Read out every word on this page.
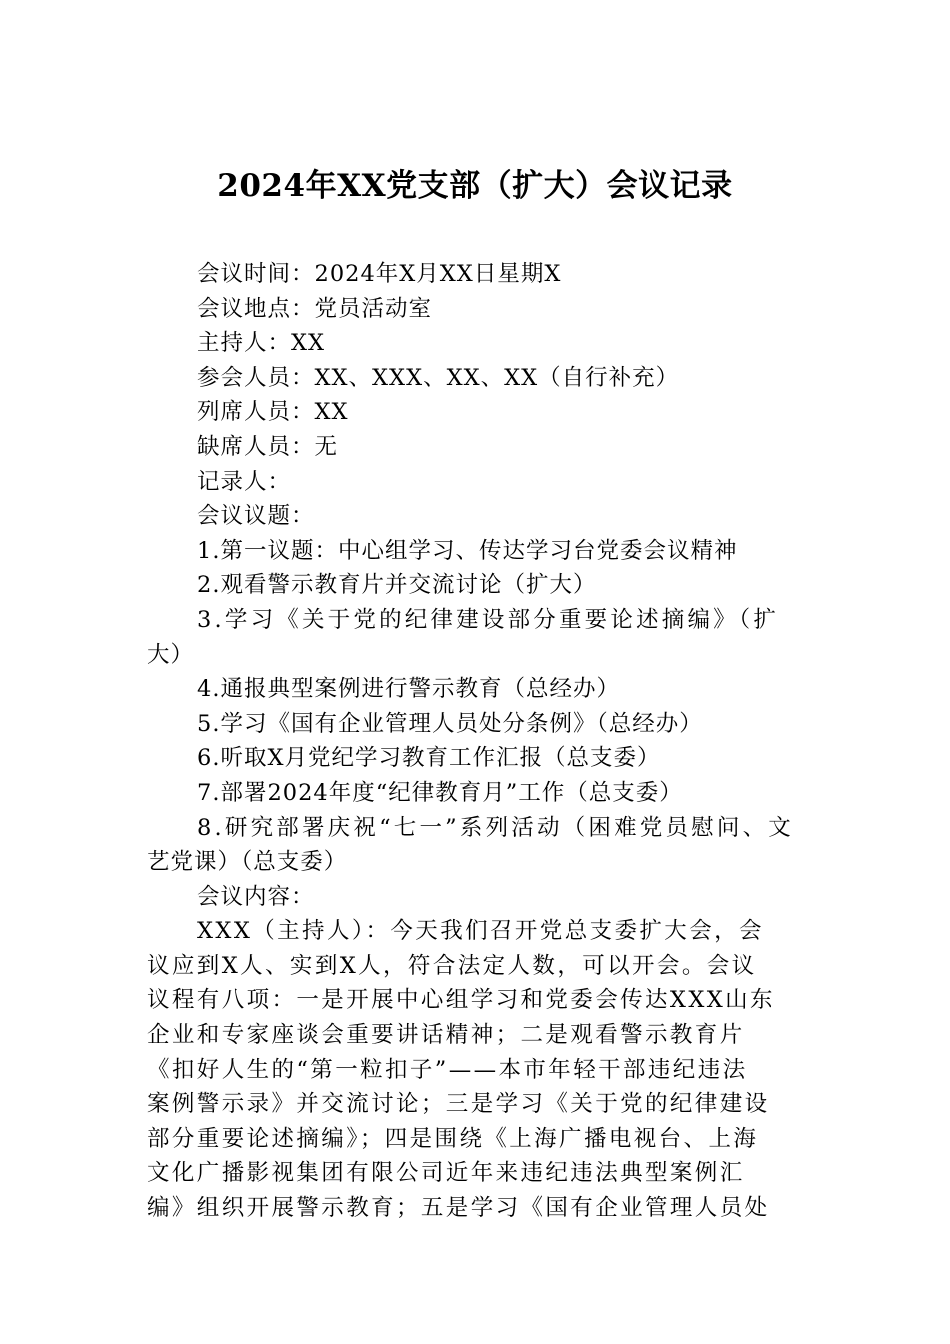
2024年XX党支部（扩大）会议记录
会议时间：2024年X月XX日星期X
会议地点：党员活动室
主持人：XX
参会人员：XX、XXX、XX、XX（自行补充）
列席人员：XX
缺席人员：无
记录人：
会议议题：
1.第一议题：中心组学习、传达学习台党委会议精神
2.观看警示教育片并交流讨论（扩大）
3.学习《关于党的纪律建设部分重要论述摘编》（扩
大）
4.通报典型案例进行警示教育（总经办）
5.学习《国有企业管理人员处分条例》（总经办）
6.听取X月党纪学习教育工作汇报（总支委）
7.部署2024年度“纪律教育月”工作（总支委）
8.研究部署庆祝“七一”系列活动（困难党员慰问、文
艺党课）（总支委）
会议内容：
XXX（主持人）：今天我们召开党总支委扩大会，会
议应到X人、实到X人，符合法定人数，可以开会。会议
议程有八项：一是开展中心组学习和党委会传达XXX山东
企业和专家座谈会重要讲话精神；二是观看警示教育片
《扣好人生的“第一粒扣子”——本市年轻干部违纪违法
案例警示录》并交流讨论；三是学习《关于党的纪律建设
部分重要论述摘编》；四是围绕《上海广播电视台、上海
文化广播影视集团有限公司近年来违纪违法典型案例汇
编》组织开展警示教育；五是学习《国有企业管理人员处
